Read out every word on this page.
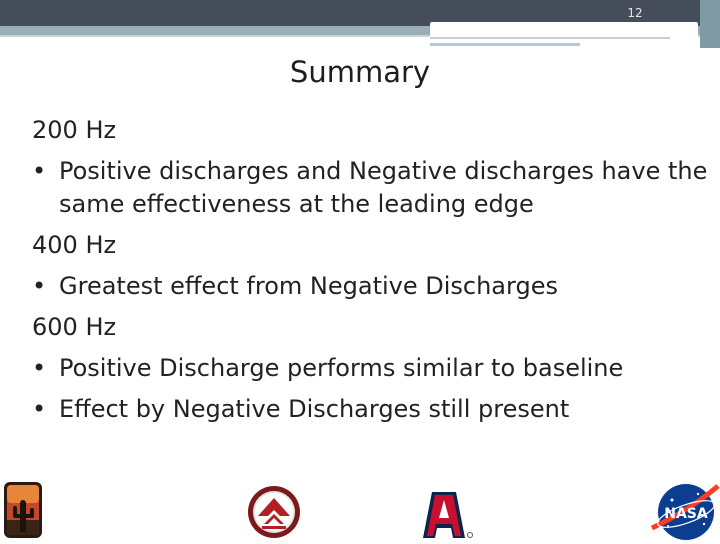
12
Summary
200 Hz
• Positive discharges and Negative discharges have the same effectiveness at the leading edge
400 Hz
• Greatest effect from Negative Discharges
600 Hz
• Positive Discharge performs similar to baseline
• Effect by Negative Discharges still present
NASA
